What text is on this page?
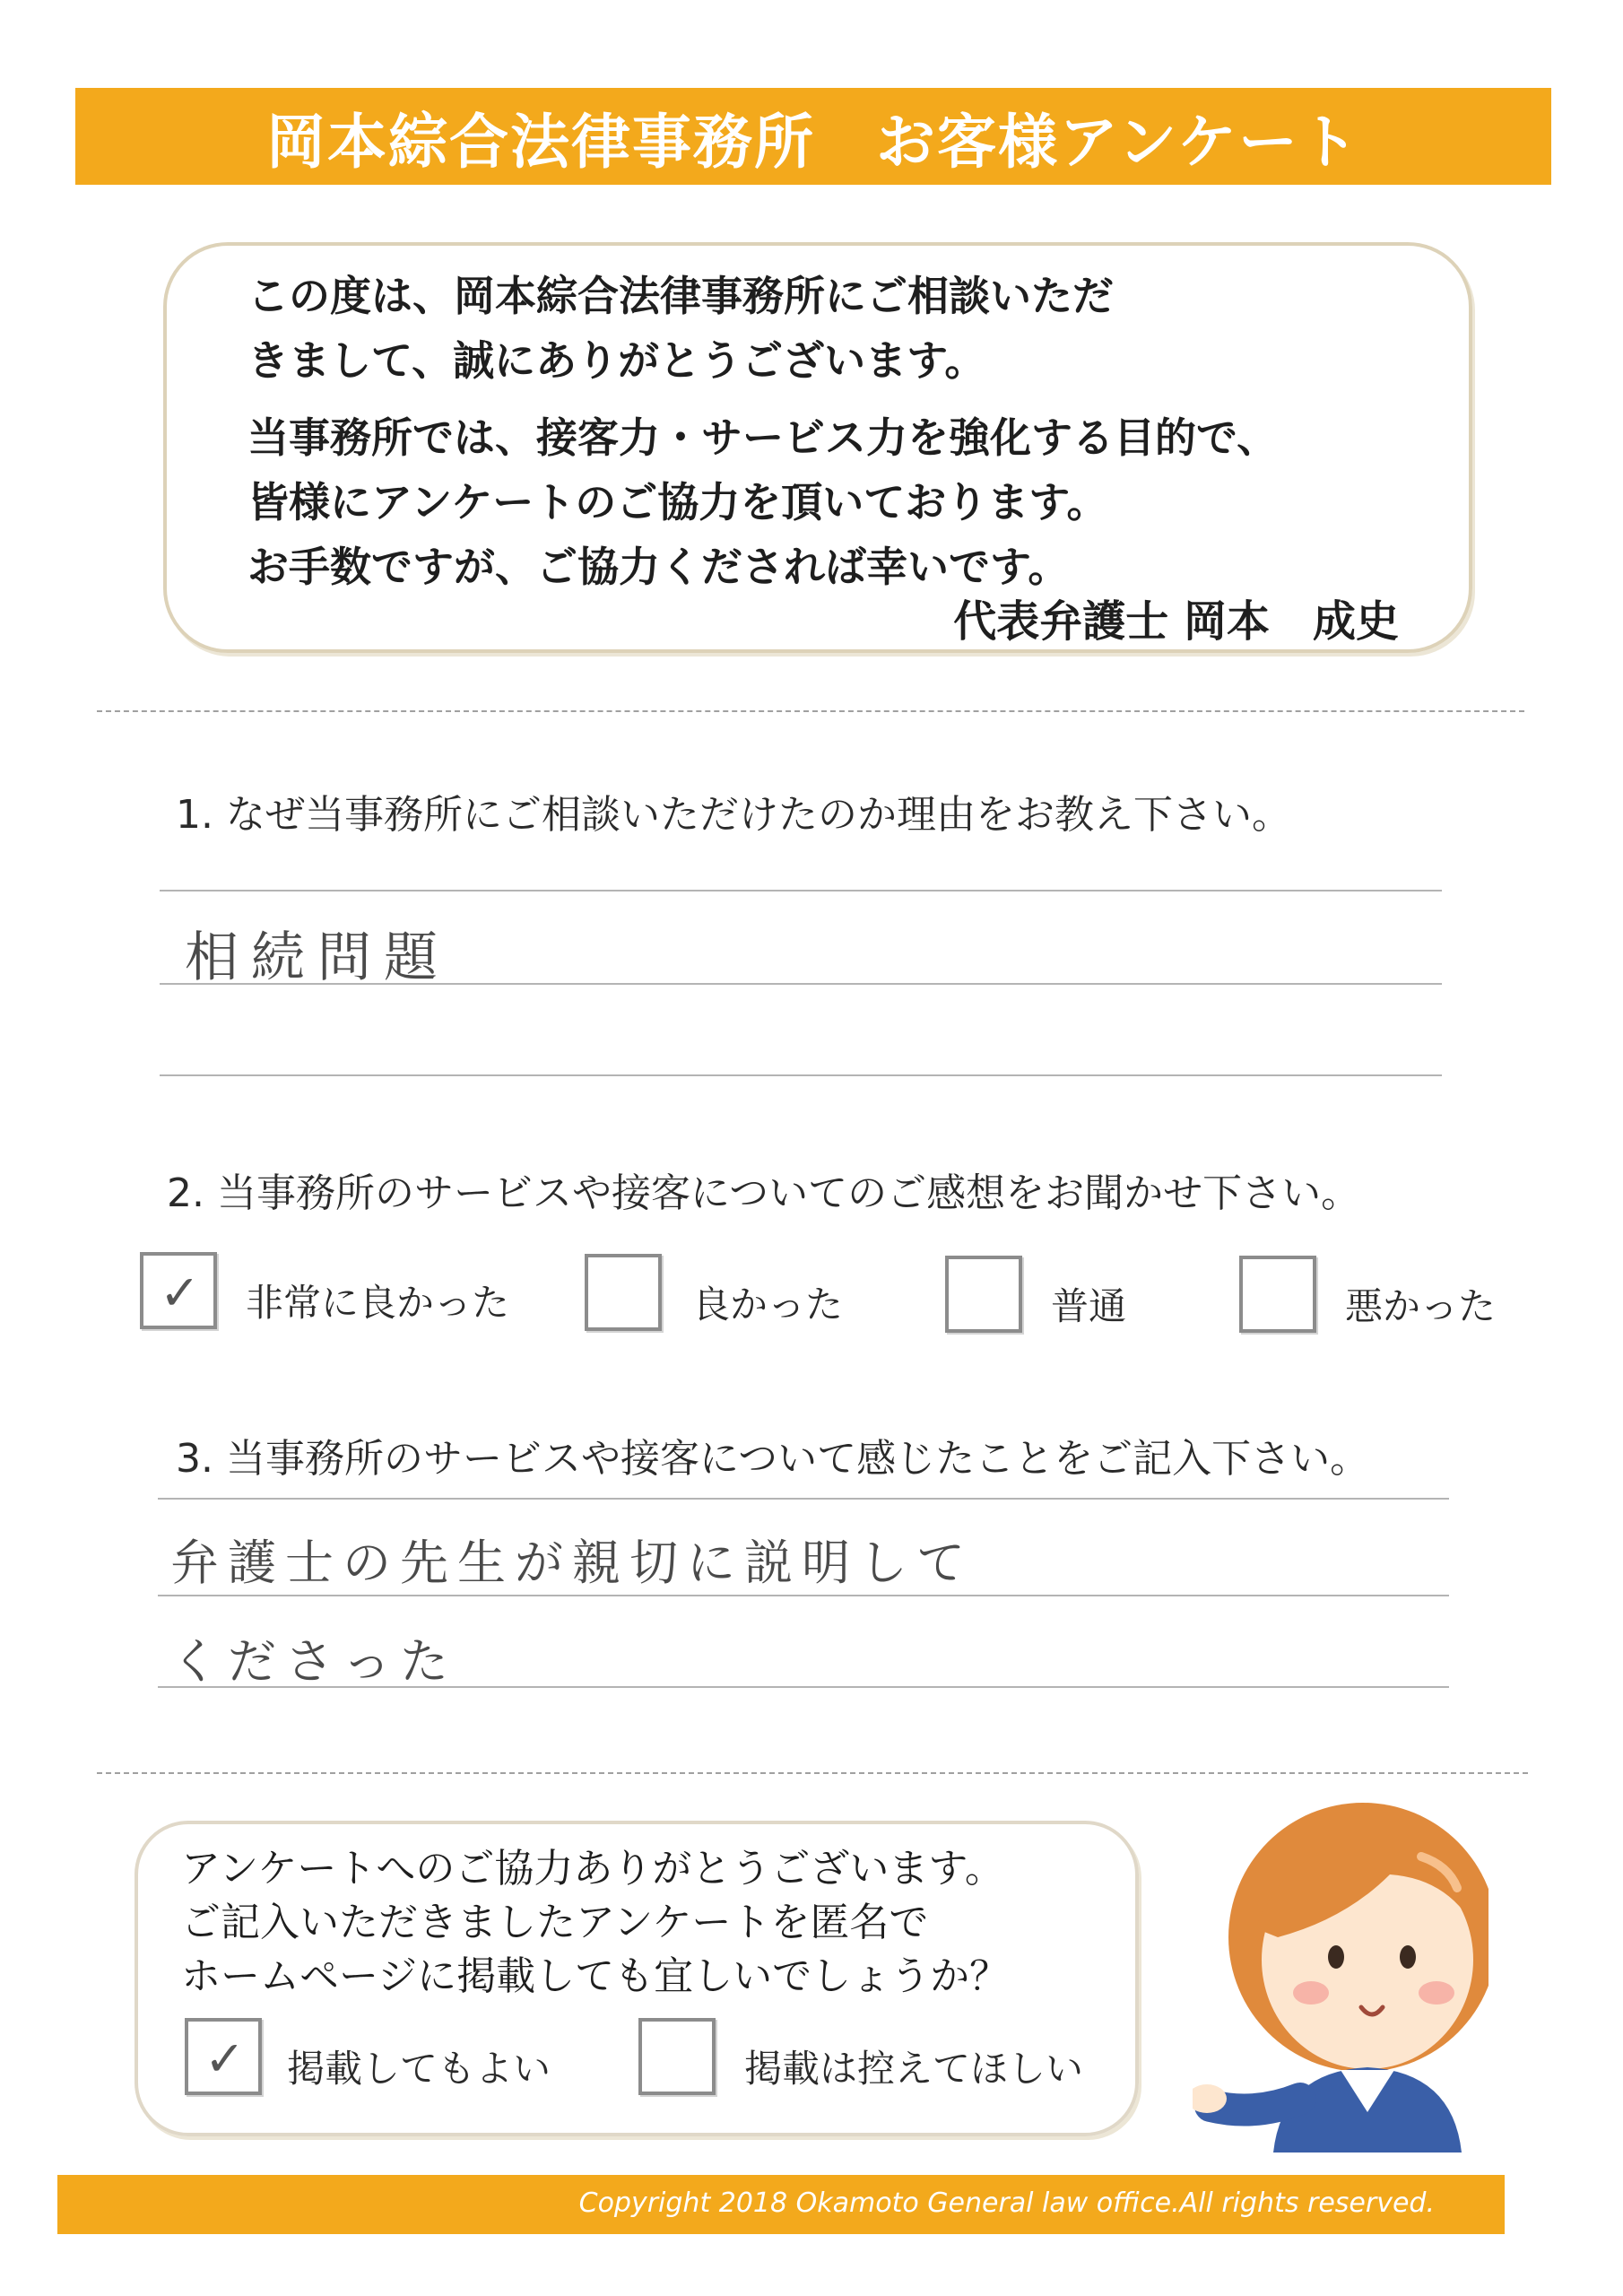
岡本綜合法律事務所　お客様アンケート

この度は、岡本綜合法律事務所にご相談いただ

きまして、誠にありがとうございます。

当事務所では、接客力・サービス力を強化する目的で、

皆様にアンケートのご協力を頂いております。

お手数ですが、ご協力くだされば幸いです。

代表弁護士 岡本　成史
1. なぜ当事務所にご相談いただけたのか理由をお教え下さい。
相続問題
2. 当事務所のサービスや接客についてのご感想をお聞かせ下さい。
✓ 非常に良かった	良かった	普通	悪かった
3. 当事務所のサービスや接客について感じたことをご記入下さい。
弁護士の先生が親切に説明して
くださった

アンケートへのご協力ありがとうございます。

ご記入いただきましたアンケートを匿名で

ホームページに掲載しても宜しいでしょうか？

✓ 掲載してもよい	掲載は控えてほしい
Copyright 2018 Okamoto General law office.All rights reserved.
